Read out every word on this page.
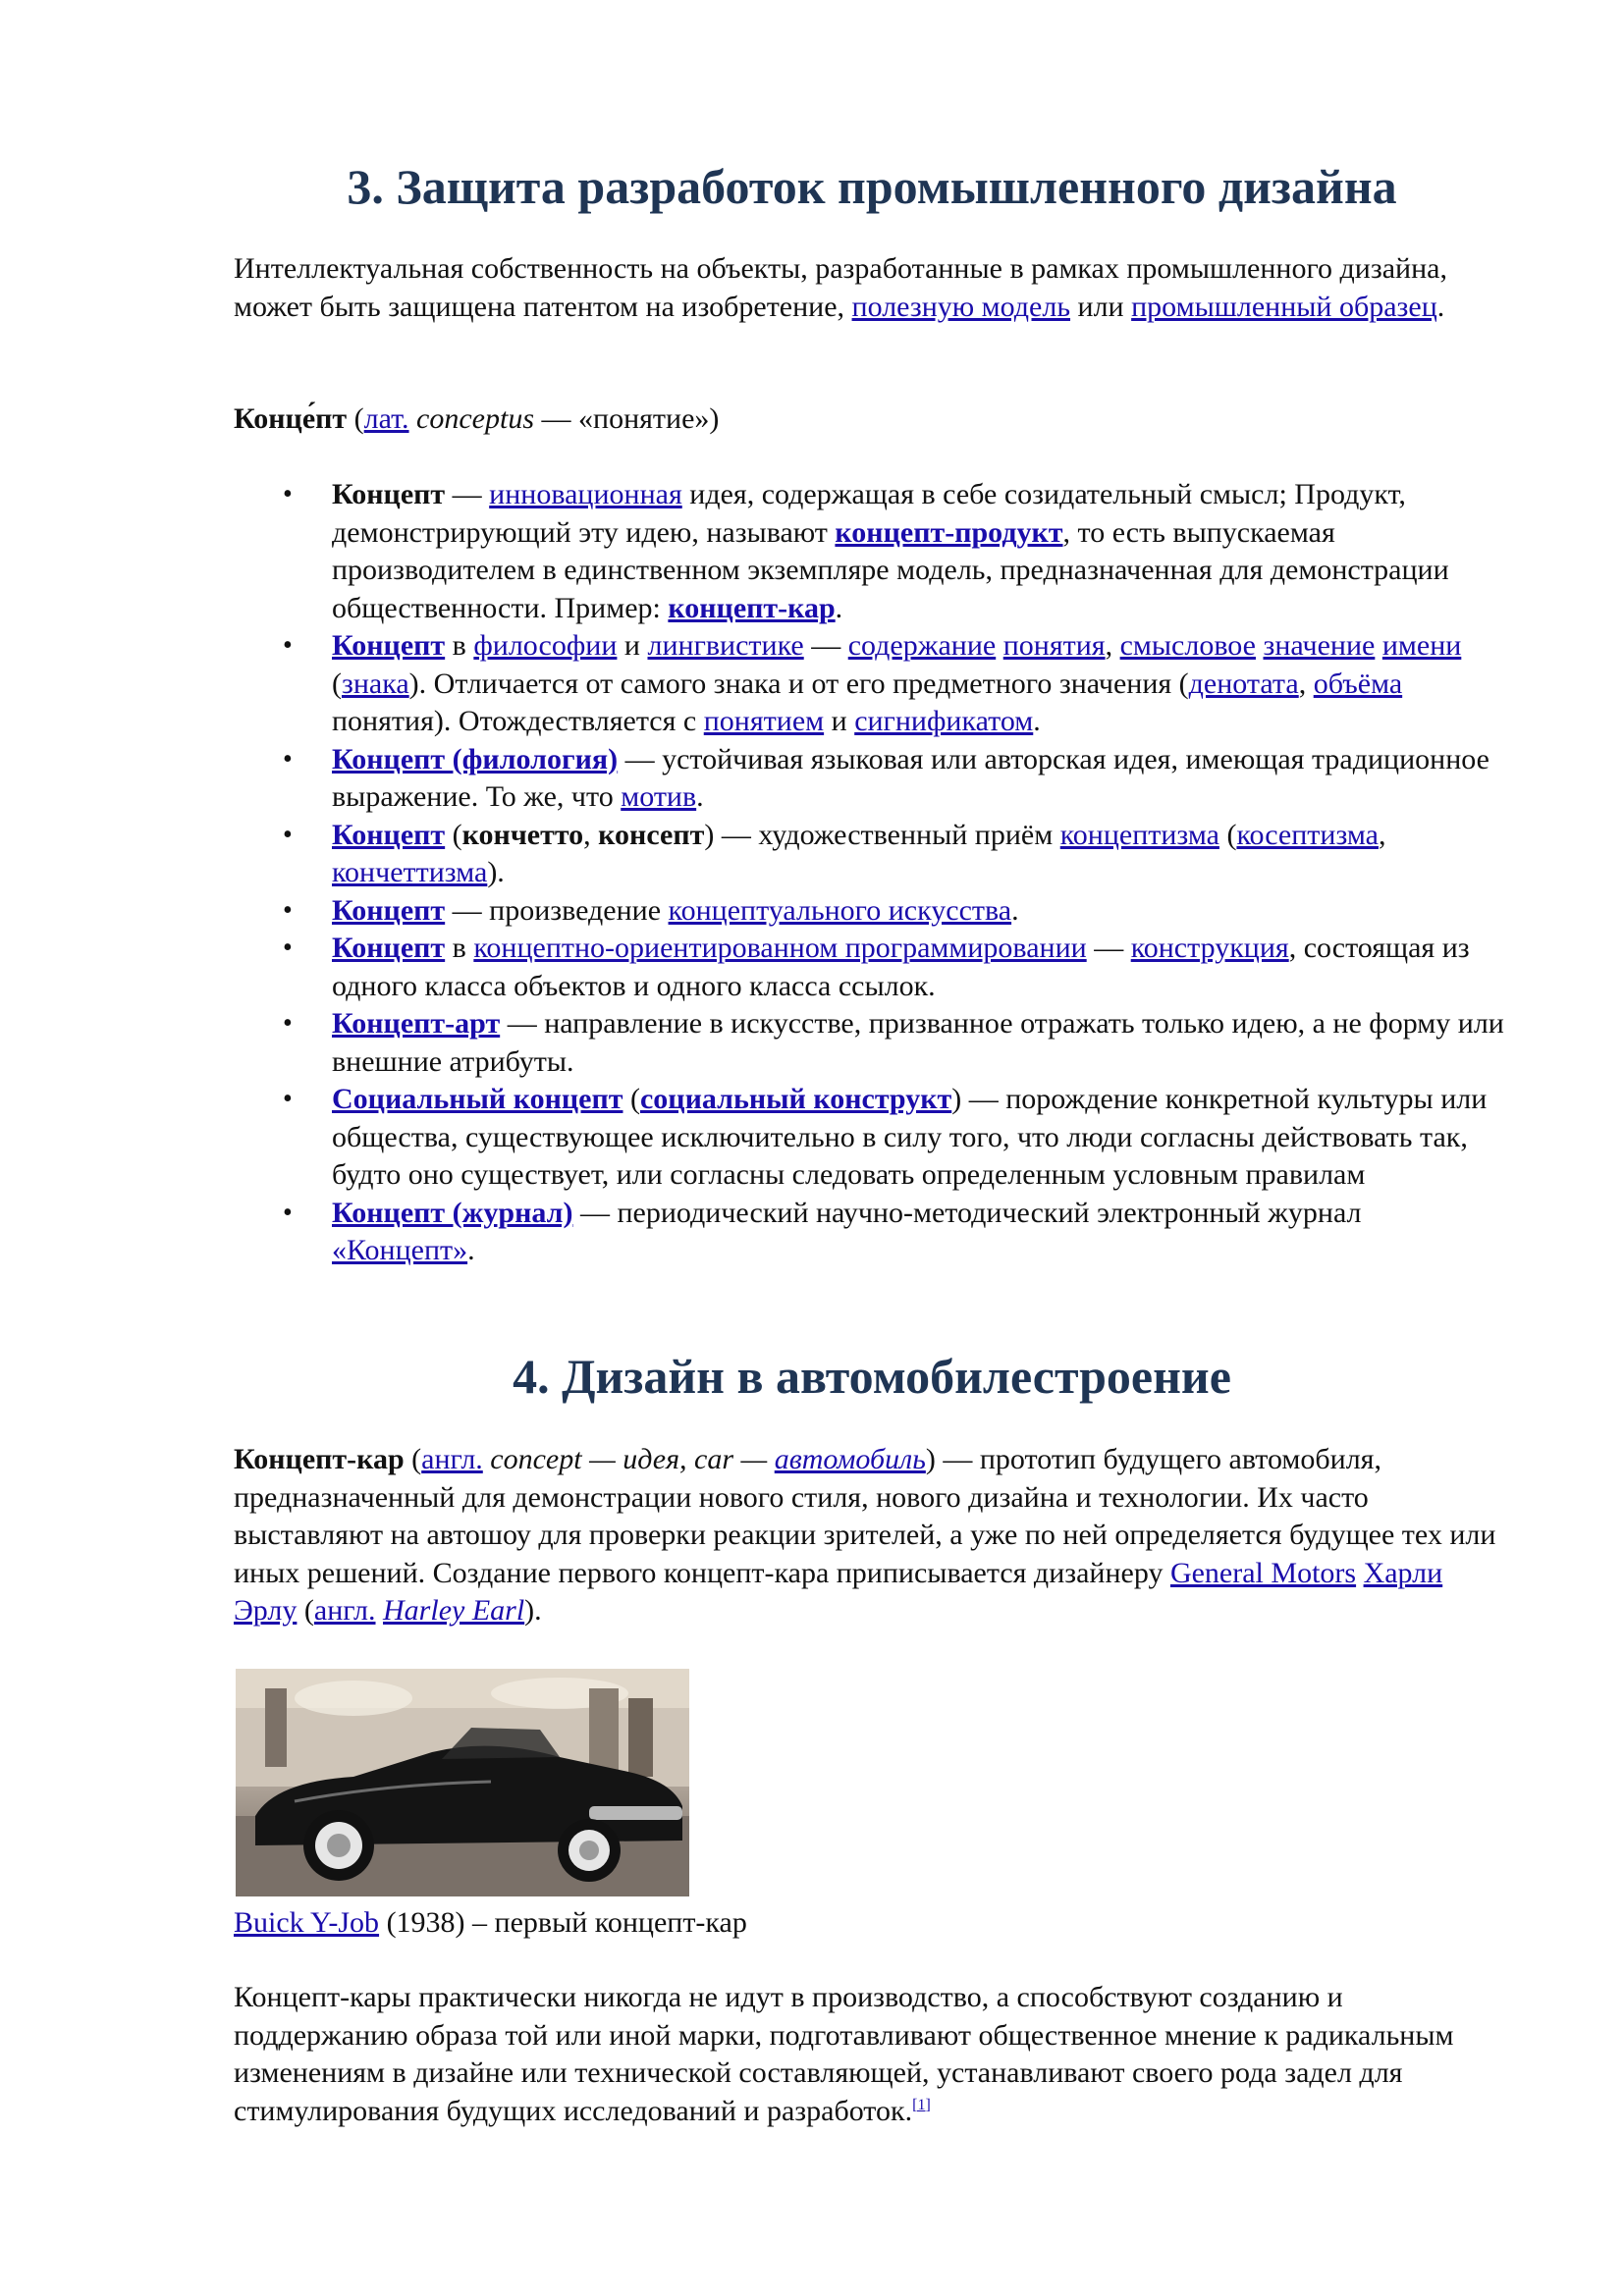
3. Защита разработок промышленного дизайна

Интеллектуальная собственность на объекты, разработанные в рамках промышленного дизайна, может быть защищена патентом на изобретение, полезную модель или промышленный образец.

Конце́пт (лат. conceptus — «понятие»)

• Концепт — инновационная идея, содержащая в себе созидательный смысл; Продукт, демонстрирующий эту идею, называют концепт-продукт, то есть выпускаемая производителем в единственном экземпляре модель, предназначенная для демонстрации общественности. Пример: концепт-кар.
• Концепт в философии и лингвистике — содержание понятия, смысловое значение имени (знака). Отличается от самого знака и от его предметного значения (денотата, объёма понятия). Отождествляется с понятием и сигнификатом.
• Концепт (филология) — устойчивая языковая или авторская идея, имеющая традиционное выражение. То же, что мотив.
• Концепт (кончетто, консепт) — художественный приём концептизма (косептизма, кончеттизма).
• Концепт — произведение концептуального искусства.
• Концепт в концептно-ориентированном программировании — конструкция, состоящая из одного класса объектов и одного класса ссылок.
• Концепт-арт — направление в искусстве, призванное отражать только идею, а не форму или внешние атрибуты.
• Социальный концепт (социальный конструкт) — порождение конкретной культуры или общества, существующее исключительно в силу того, что люди согласны действовать так, будто оно существует, или согласны следовать определенным условным правилам
• Концепт (журнал) — периодический научно-методический электронный журнал «Концепт».
4. Дизайн в автомобилестроение

Концепт-кар (англ. concept — идея, car — автомобиль) — прототип будущего автомобиля, предназначенный для демонстрации нового стиля, нового дизайна и технологии. Их часто выставляют на автошоу для проверки реакции зрителей, а уже по ней определяется будущее тех или иных решений. Создание первого концепт-кара приписывается дизайнеру General Motors Харли Эрлу (англ. Harley Earl).

Buick Y-Job (1938) – первый концепт-кар

Концепт-кары практически никогда не идут в производство, а способствуют созданию и поддержанию образа той или иной марки, подготавливают общественное мнение к радикальным изменениям в дизайне или технической составляющей, устанавливают своего рода задел для стимулирования будущих исследований и разработок.[1]
